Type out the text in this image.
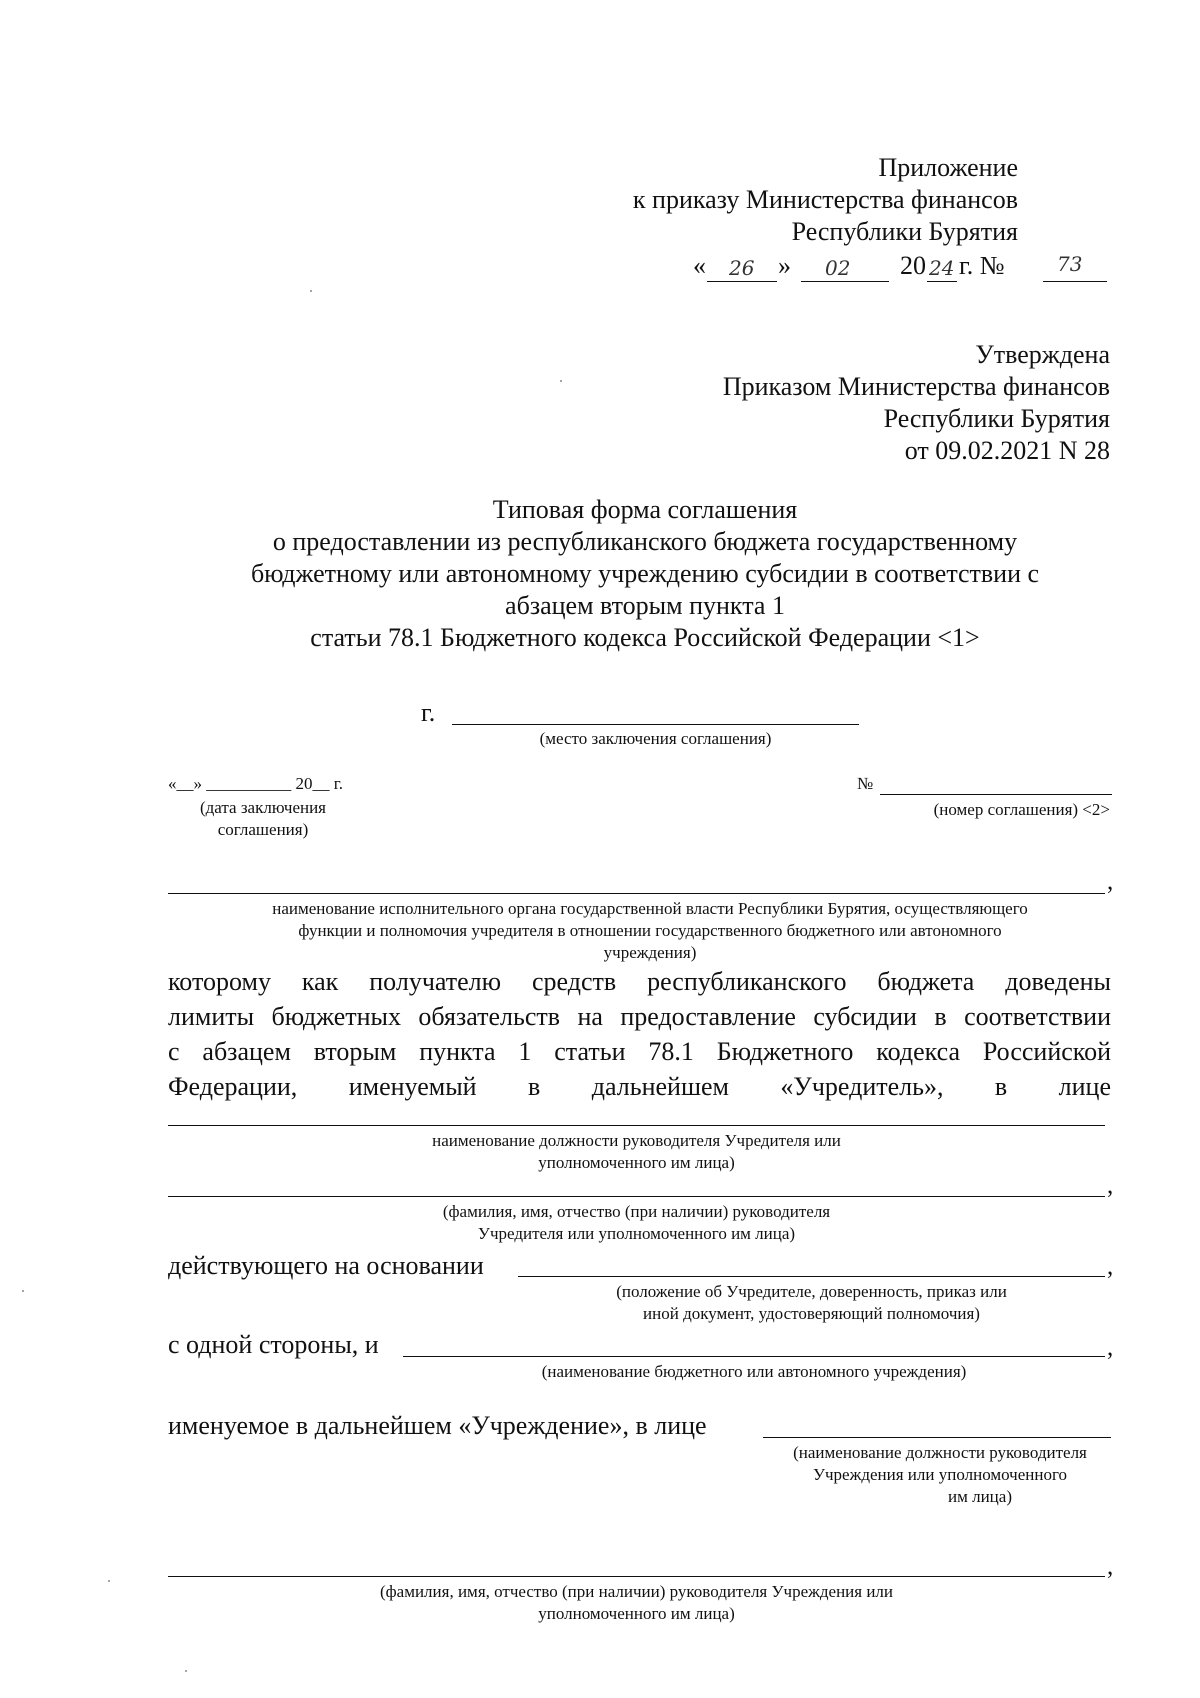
Приложение
к приказу Министерства финансов
Республики Бурятия
« 26 » 02 20 24 г. №	73
Утверждена
Приказом Министерства финансов
Республики Бурятия
от 09.02.2021 N 28
Типовая форма соглашения
о предоставлении из республиканского бюджета государственному
бюджетному или автономному учреждению субсидии в соответствии с
абзацем вторым пункта 1
статьи 78.1 Бюджетного кодекса Российской Федерации <1>
г.
(место заключения соглашения)
«__» __________ 20__ г.
(дата заключения
соглашения)
№
(номер соглашения) <2>
,
наименование исполнительного органа государственной власти Республики Бурятия, осуществляющего
функции и полномочия учредителя в отношении государственного бюджетного или автономного
учреждения)
которому как получателю средств республиканского бюджета доведены
лимиты бюджетных обязательств на предоставление субсидии в соответствии
с абзацем вторым пункта 1 статьи 78.1 Бюджетного кодекса Российской
Федерации, именуемый в дальнейшем «Учредитель», в лице
наименование должности руководителя Учредителя или
уполномоченного им лица)
,
(фамилия, имя, отчество (при наличии) руководителя
Учредителя или уполномоченного им лица)
действующего на основании	,
(положение об Учредителе, доверенность, приказ или
иной документ, удостоверяющий полномочия)
с одной стороны, и	,
(наименование бюджетного или автономного учреждения)
именуемое в дальнейшем «Учреждение», в лице
(наименование должности руководителя
Учреждения или уполномоченного
им лица)
,
(фамилия, имя, отчество (при наличии) руководителя Учреждения или
уполномоченного им лица)
